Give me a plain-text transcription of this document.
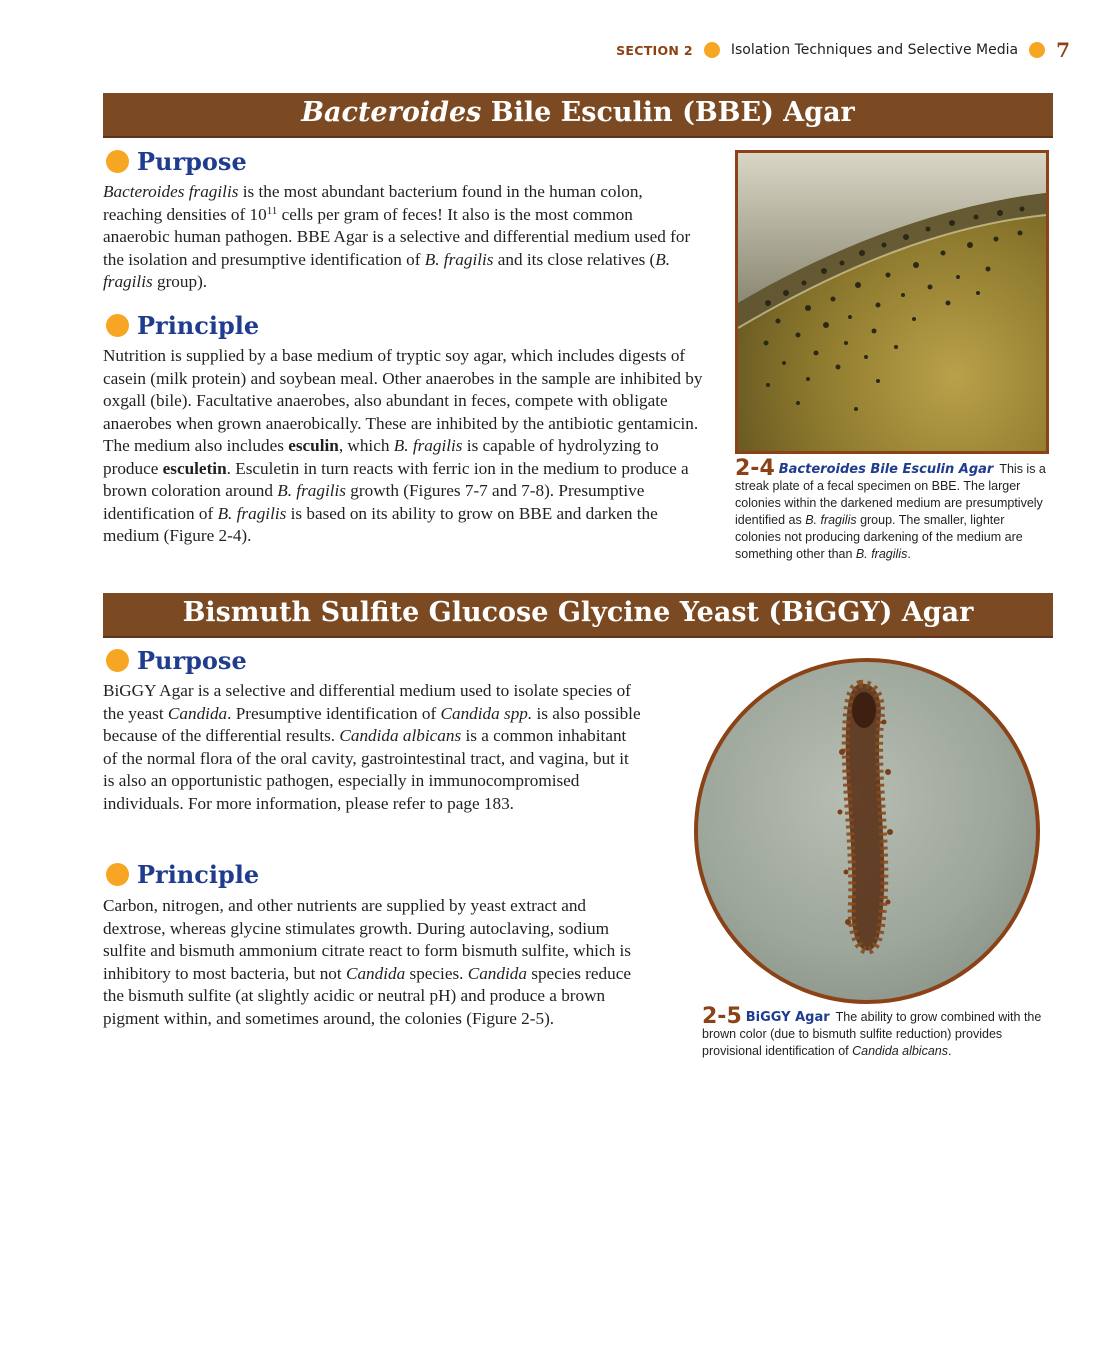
SECTION 2	Isolation Techniques and Selective Media 7
Bacteroides Bile Esculin (BBE) Agar
Purpose

Bacteroides fragilis is the most abundant bacterium found in the human colon, reaching densities of $10^{11}$ cells per gram of feces! It also is the most common anaerobic human pathogen. BBE Agar is a selective and differential medium used for the isolation and presumptive identification of B. fragilis and its close relatives (B. fragilis group).

Principle

Nutrition is supplied by a base medium of tryptic soy agar, which includes digests of casein (milk protein) and soybean meal. Other anaerobes in the sample are inhibited by oxgall (bile). Facultative anaerobes, also abundant in feces, compete with obligate anaerobes when grown anaerobically. These are inhibited by the antibiotic gentamicin. The medium also includes esculin, which B. fragilis is capable of hydrolyzing to produce esculetin. Esculetin in turn reacts with ferric ion in the medium to produce a brown coloration around B. fragilis growth (Figures 7-7 and 7-8). Presumptive identification of B. fragilis is based on its ability to grow on BBE and darken the medium (Figure 2-4).

2-4 Bacteroides Bile Esculin Agar This is a streak plate of a fecal specimen on BBE. The larger colonies within the darkened medium are presumptively identified as B. fragilis group. The smaller, lighter colonies not producing darkening of the medium are something other than B. fragilis.
Bismuth Sulfite Glucose Glycine Yeast (BiGGY) Agar
Purpose

BiGGY Agar is a selective and differential medium used to isolate species of the yeast Candida. Presumptive identification of Candida spp. is also possible because of the differential results. Candida albicans is a common inhabitant of the normal flora of the oral cavity, gastrointestinal tract, and vagina, but it is also an opportunistic pathogen, especially in immunocompromised individuals. For more information, please refer to page 183.

Principle

Carbon, nitrogen, and other nutrients are supplied by yeast extract and dextrose, whereas glycine stimulates growth. During autoclaving, sodium sulfite and bismuth ammonium citrate react to form bismuth sulfite, which is inhibitory to most bacteria, but not Candida species. Candida species reduce the bismuth sulfite (at slightly acidic or neutral pH) and produce a brown pigment within, and sometimes around, the colonies (Figure 2-5).	2-5 BiGGY Agar The ability to grow combined with the brown color (due to bismuth sulfite reduction) provides provisional identification of Candida albicans.
